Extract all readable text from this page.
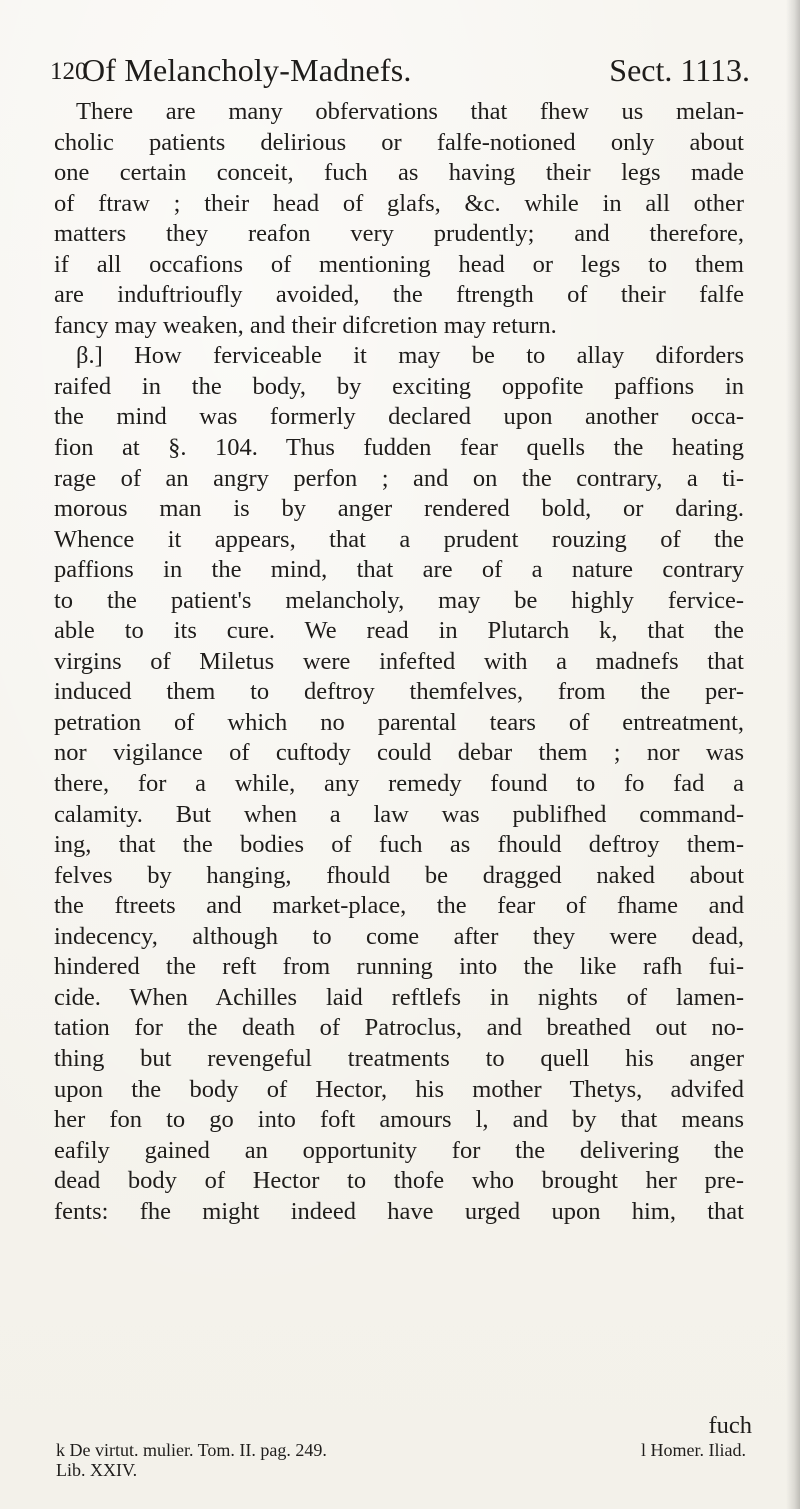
120
Of Melancholy-Madnefs.	Sect. 1113.
There are many obfervations that fhew us melan-
cholic patients delirious or falfe-notioned only about
one certain conceit, fuch as having their legs made
of ftraw ; their head of glafs, &c. while in all other
matters they reafon very prudently; and therefore,
if all occafions of mentioning head or legs to them
are induftrioufly avoided, the ftrength of their falfe
fancy may weaken, and their difcretion may return.
β.] How ferviceable it may be to allay diforders
raifed in the body, by exciting oppofite paffions in
the mind was formerly declared upon another occa-
fion at §. 104. Thus fudden fear quells the heating
rage of an angry perfon ; and on the contrary, a ti-
morous man is by anger rendered bold, or daring.
Whence it appears, that a prudent rouzing of the
paffions in the mind, that are of a nature contrary
to the patient's melancholy, may be highly fervice-
able to its cure. We read in Plutarch k, that the
virgins of Miletus were infefted with a madnefs that
induced them to deftroy themfelves, from the per-
petration of which no parental tears of entreatment,
nor vigilance of cuftody could debar them ; nor was
there, for a while, any remedy found to fo fad a
calamity. But when a law was publifhed command-
ing, that the bodies of fuch as fhould deftroy them-
felves by hanging, fhould be dragged naked about
the ftreets and market-place, the fear of fhame and
indecency, although to come after they were dead,
hindered the reft from running into the like rafh fui-
cide. When Achilles laid reftlefs in nights of lamen-
tation for the death of Patroclus, and breathed out no-
thing but revengeful treatments to quell his anger
upon the body of Hector, his mother Thetys, advifed
her fon to go into foft amours l, and by that means
eafily gained an opportunity for the delivering the
dead body of Hector to thofe who brought her pre-
fents: fhe might indeed have urged upon him, that
fuch
k De virtut. mulier. Tom. II. pag. 249.
Lib. XXIV.
l Homer. Iliad.
